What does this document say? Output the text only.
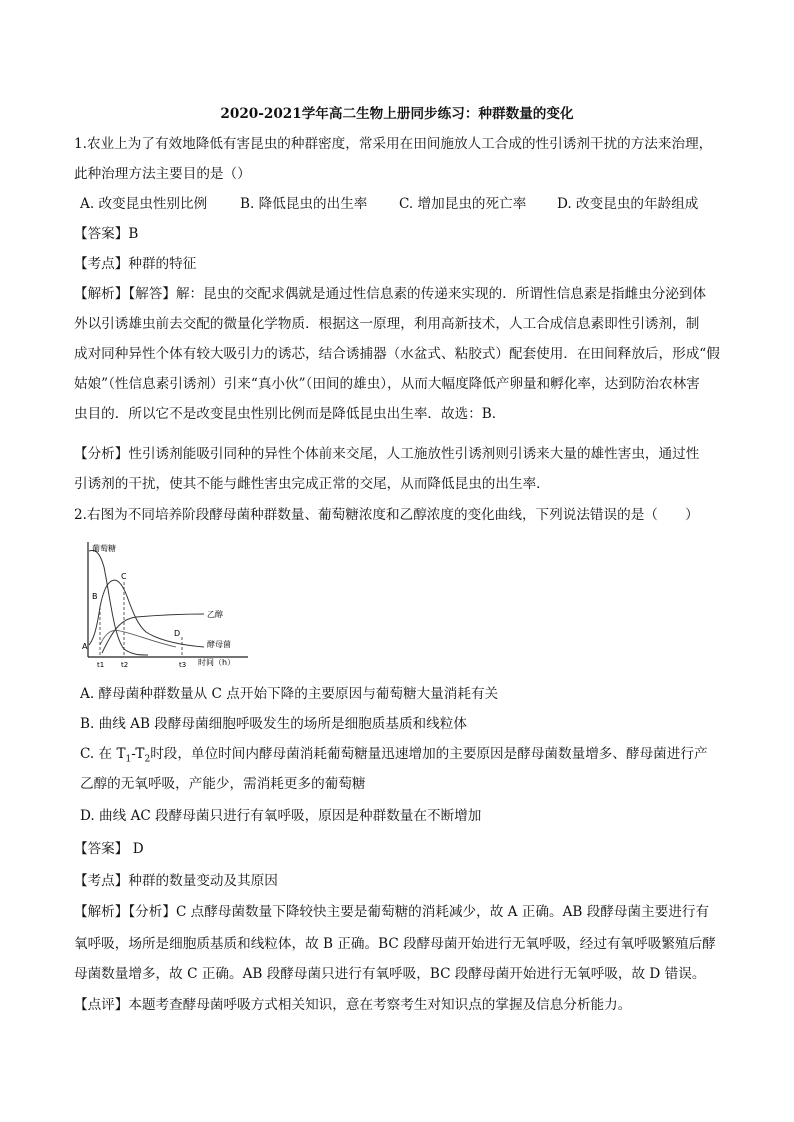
2020-2021学年高二生物上册同步练习：种群数量的变化
1.农业上为了有效地降低有害昆虫的种群密度，常采用在田间施放人工合成的性引诱剂干扰的方法来治理，
此种治理方法主要目的是（）
A. 改变昆虫性别比例 B. 降低昆虫的出生率 C. 增加昆虫的死亡率 D. 改变昆虫的年龄组成
【答案】B
【考点】种群的特征
【解析】【解答】解：昆虫的交配求偶就是通过性信息素的传递来实现的．所谓性信息素是指雌虫分泌到体
外以引诱雄虫前去交配的微量化学物质．根据这一原理，利用高新技术，人工合成信息素即性引诱剂，制
成对同种异性个体有较大吸引力的诱芯，结合诱捕器（水盆式、粘胶式）配套使用．在田间释放后，形成“假
姑娘”（性信息素引诱剂）引来“真小伙”（田间的雄虫），从而大幅度降低产卵量和孵化率，达到防治农林害
虫目的．所以它不是改变昆虫性别比例而是降低昆虫出生率．故选：B．
【分析】性引诱剂能吸引同种的异性个体前来交尾，人工施放性引诱剂则引诱来大量的雄性害虫，通过性
引诱剂的干扰，使其不能与雌性害虫完成正常的交尾，从而降低昆虫的出生率．
2.右图为不同培养阶段酵母菌种群数量、葡萄糖浓度和乙醇浓度的变化曲线，下列说法错误的是（　　）
葡萄糖
乙醇
酵母菌
时间（h）
A
B
C
D
t1 t2	t3
A. 酵母菌种群数量从 C 点开始下降的主要原因与葡萄糖大量消耗有关
B. 曲线 AB 段酵母菌细胞呼吸发生的场所是细胞质基质和线粒体
C. 在 $T_1-T_2$时段，单位时间内酵母菌消耗葡萄糖量迅速增加的主要原因是酵母菌数量增多、酵母菌进行产
乙醇的无氧呼吸，产能少，需消耗更多的葡萄糖
D. 曲线 AC 段酵母菌只进行有氧呼吸，原因是种群数量在不断增加
【答案】 D
【考点】种群的数量变动及其原因
【解析】【分析】C 点酵母菌数量下降较快主要是葡萄糖的消耗减少，故 A 正确。AB 段酵母菌主要进行有
氧呼吸，场所是细胞质基质和线粒体，故 B 正确。BC 段酵母菌开始进行无氧呼吸，经过有氧呼吸繁殖后酵
母菌数量增多，故 C 正确。AB 段酵母菌只进行有氧呼吸，BC 段酵母菌开始进行无氧呼吸，故 D 错误。
【点评】本题考查酵母菌呼吸方式相关知识，意在考察考生对知识点的掌握及信息分析能力。
